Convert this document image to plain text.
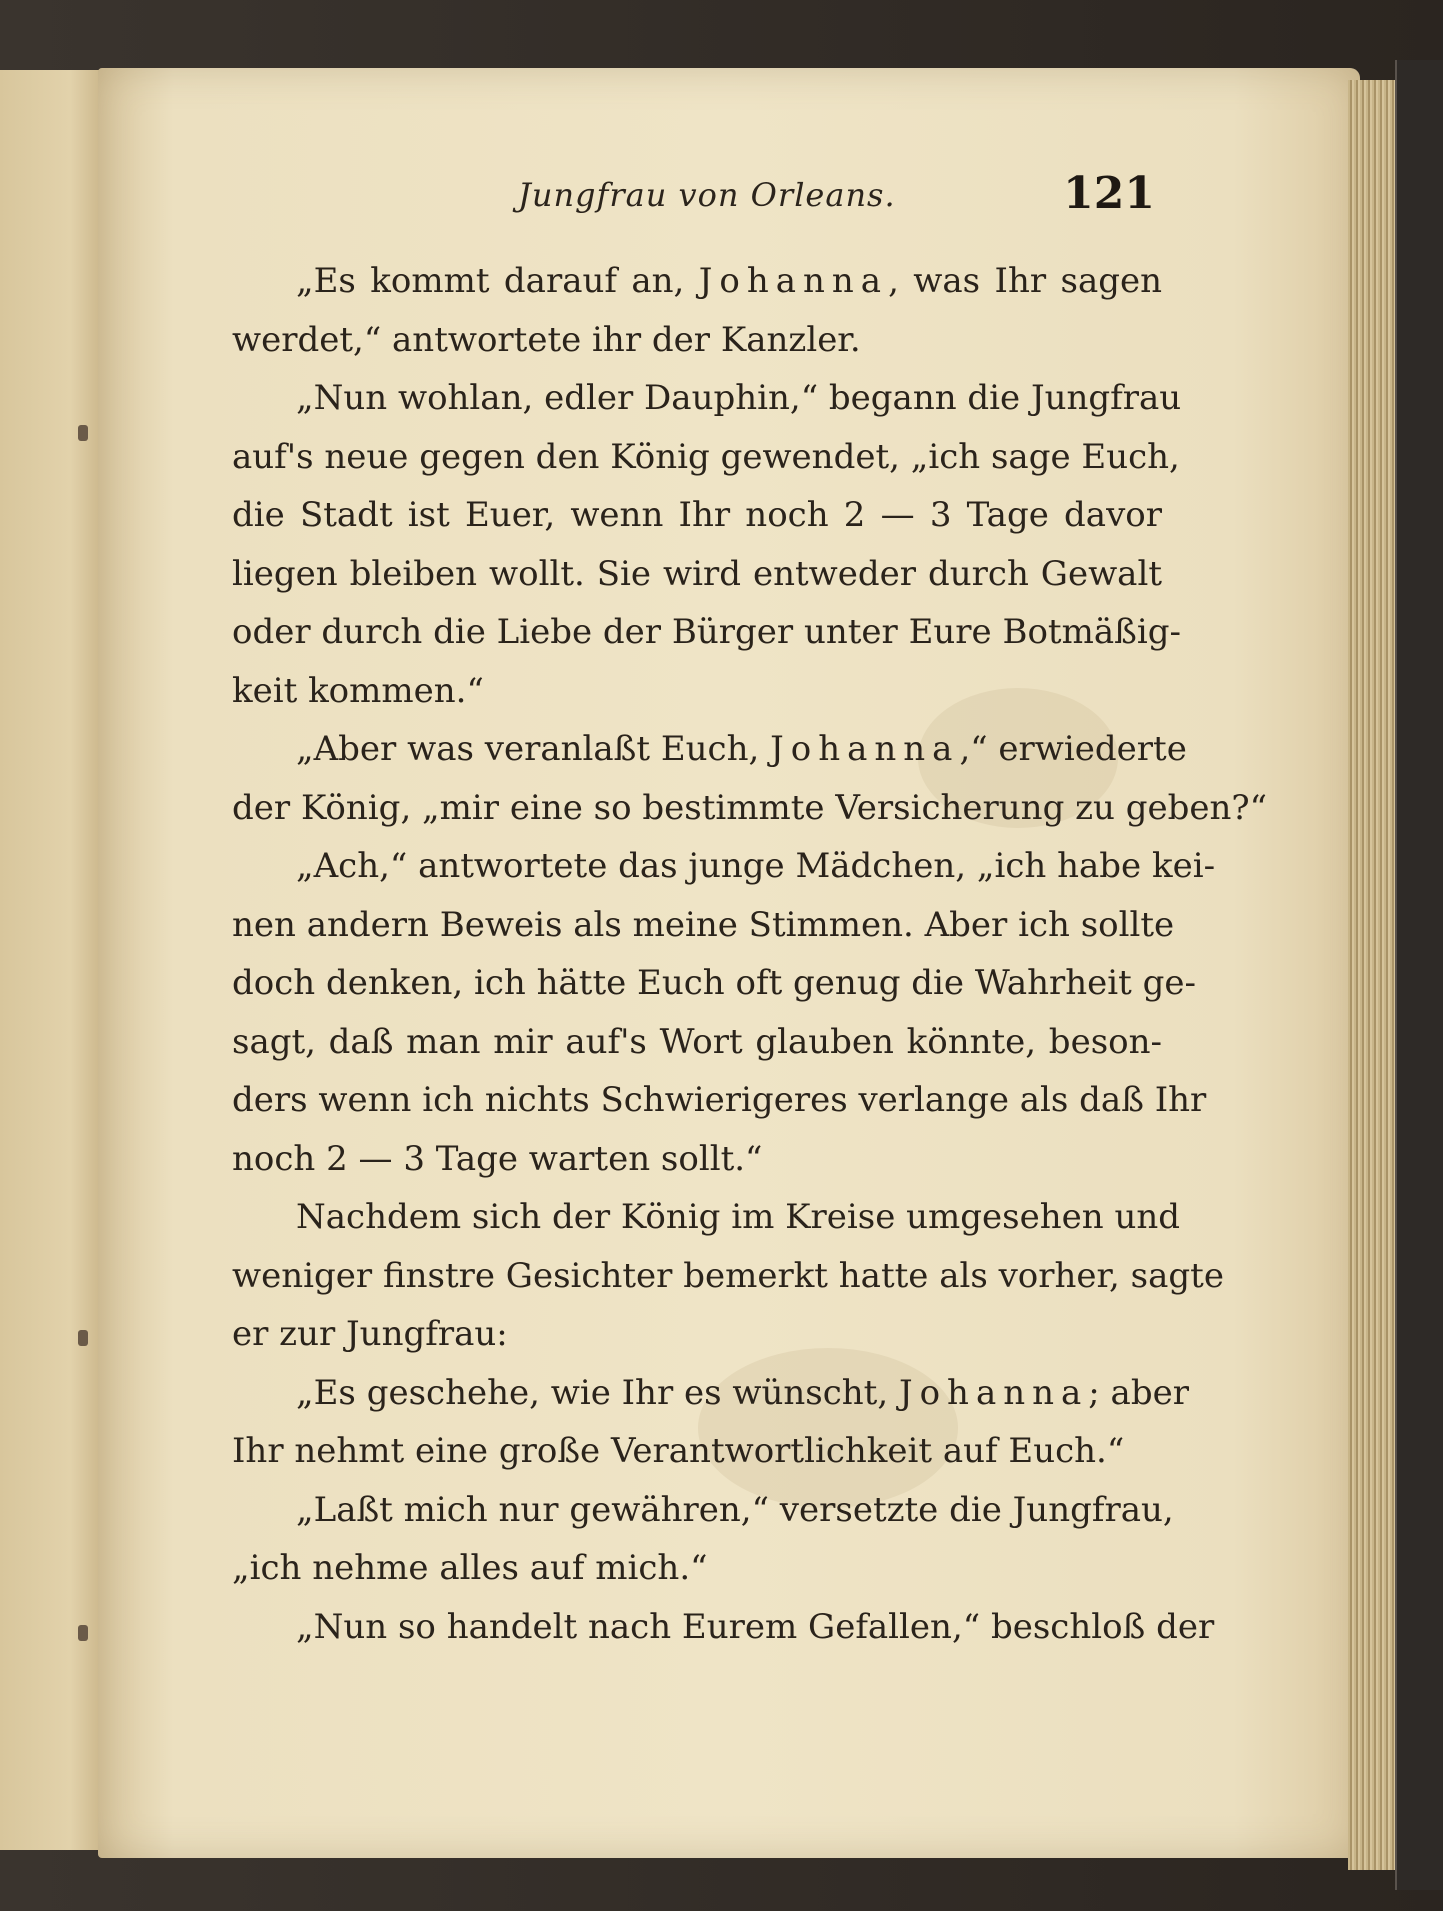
Jungfrau von Orleans.	121
„Es kommt darauf an, Johanna, was Ihr sagen
werdet,“ antwortete ihr der Kanzler.
„Nun wohlan, edler Dauphin,“ begann die Jungfrau
auf's neue gegen den König gewendet, „ich sage Euch,
die Stadt ist Euer, wenn Ihr noch 2 — 3 Tage davor
liegen bleiben wollt. Sie wird entweder durch Gewalt
oder durch die Liebe der Bürger unter Eure Botmäßig-
keit kommen.“
„Aber was veranlaßt Euch, Johanna,“ erwiederte
der König, „mir eine so bestimmte Versicherung zu geben?“
„Ach,“ antwortete das junge Mädchen, „ich habe kei-
nen andern Beweis als meine Stimmen. Aber ich sollte
doch denken, ich hätte Euch oft genug die Wahrheit ge-
sagt, daß man mir auf's Wort glauben könnte, beson-
ders wenn ich nichts Schwierigeres verlange als daß Ihr
noch 2 — 3 Tage warten sollt.“
Nachdem sich der König im Kreise umgesehen und
weniger finstre Gesichter bemerkt hatte als vorher, sagte
er zur Jungfrau:
„Es geschehe, wie Ihr es wünscht, Johanna; aber
Ihr nehmt eine große Verantwortlichkeit auf Euch.“
„Laßt mich nur gewähren,“ versetzte die Jungfrau,
„ich nehme alles auf mich.“
„Nun so handelt nach Eurem Gefallen,“ beschloß der
